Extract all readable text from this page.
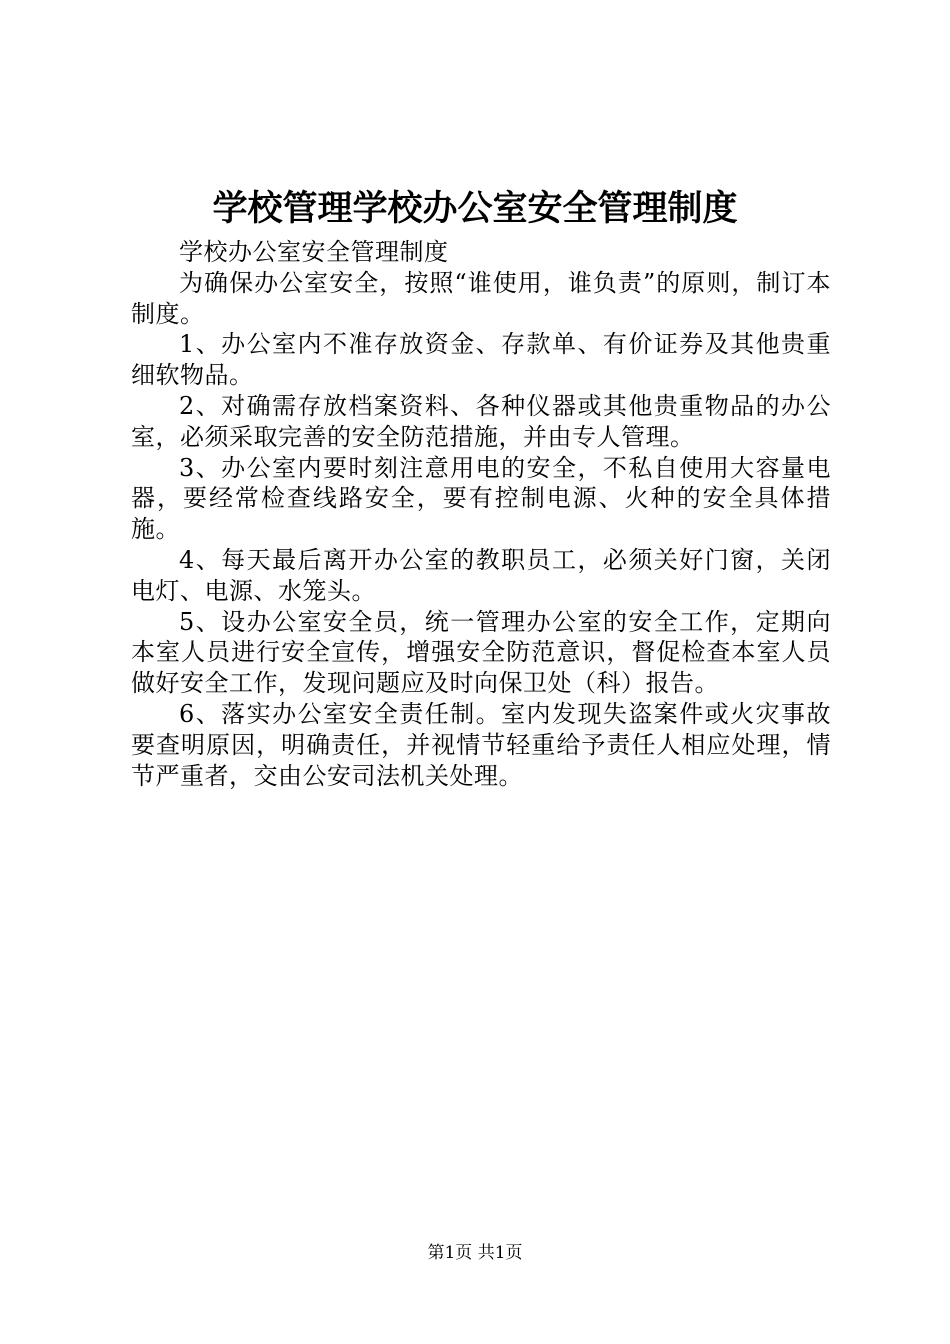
学校管理学校办公室安全管理制度

学校办公室安全管理制度

为确保办公室安全，按照“谁使用，谁负责”的原则，制订本制度。

1、办公室内不准存放资金、存款单、有价证券及其他贵重细软物品。

2、对确需存放档案资料、各种仪器或其他贵重物品的办公室，必须采取完善的安全防范措施，并由专人管理。

3、办公室内要时刻注意用电的安全，不私自使用大容量电器，要经常检查线路安全，要有控制电源、火种的安全具体措施。

4、每天最后离开办公室的教职员工，必须关好门窗，关闭电灯、电源、水笼头。

5、设办公室安全员，统一管理办公室的安全工作，定期向本室人员进行安全宣传，增强安全防范意识，督促检查本室人员做好安全工作，发现问题应及时向保卫处（科）报告。

6、落实办公室安全责任制。室内发现失盗案件或火灾事故要查明原因，明确责任，并视情节轻重给予责任人相应处理，情节严重者，交由公安司法机关处理。

第1页 共1页
